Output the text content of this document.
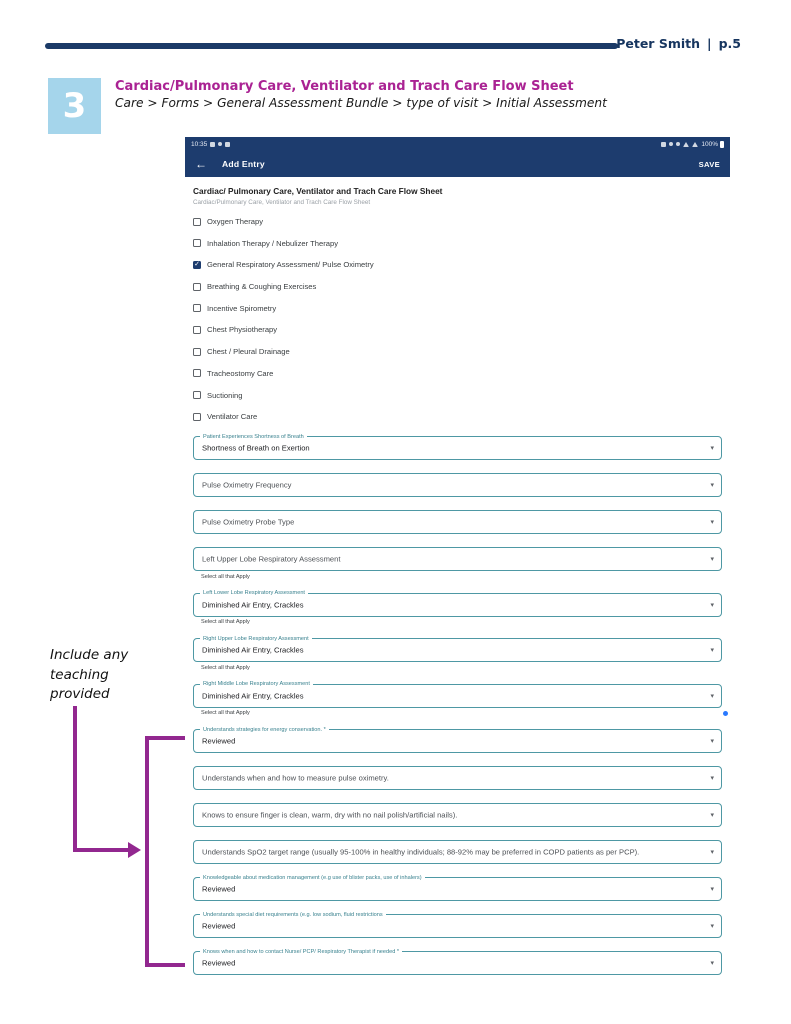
Peter Smith | p.5
3 Cardiac/Pulmonary Care, Ventilator and Trach Care Flow Sheet
Care > Forms > General Assessment Bundle > type of visit > Initial Assessment
Include any teaching provided
10:35	100%
← Add Entry	SAVE
Cardiac/ Pulmonary Care, Ventilator and Trach Care Flow Sheet
Cardiac/Pulmonary Care, Ventilator and Trach Care Flow Sheet
Oxygen Therapy
Inhalation Therapy / Nebulizer Therapy
✓ General Respiratory Assessment/ Pulse Oximetry
Breathing & Coughing Exercises
Incentive Spirometry
Chest Physiotherapy
Chest / Pleural Drainage
Tracheostomy Care
Suctioning
Ventilator Care
Patient Experiences Shortness of Breath
Shortness of Breath on Exertion	▾
Pulse Oximetry Frequency	▾
Pulse Oximetry Probe Type	▾
Left Upper Lobe Respiratory Assessment	▾
Select all that Apply
Left Lower Lobe Respiratory Assessment
Diminished Air Entry, Crackles	▾
Select all that Apply
Right Upper Lobe Respiratory Assessment
Diminished Air Entry, Crackles	▾
Select all that Apply
Right Middle Lobe Respiratory Assessment
Diminished Air Entry, Crackles	▾
Select all that Apply
Understands strategies for energy conservation. *
Reviewed	▾
Understands when and how to measure pulse oximetry.	▾
Knows to ensure finger is clean, warm, dry with no nail polish/artificial nails).	▾
Understands SpO2 target range (usually 95-100% in healthy individuals; 88-92% may be preferred in COPD patients as per PCP).	▾
Knowledgeable about medication management (e.g use of blister packs, use of inhalers)
Reviewed	▾
Understands special diet requirements (e.g. low sodium, fluid restrictions
Reviewed	▾
Knows when and how to contact Nurse/ PCP/ Respiratory Therapist if needed *
Reviewed	▾
